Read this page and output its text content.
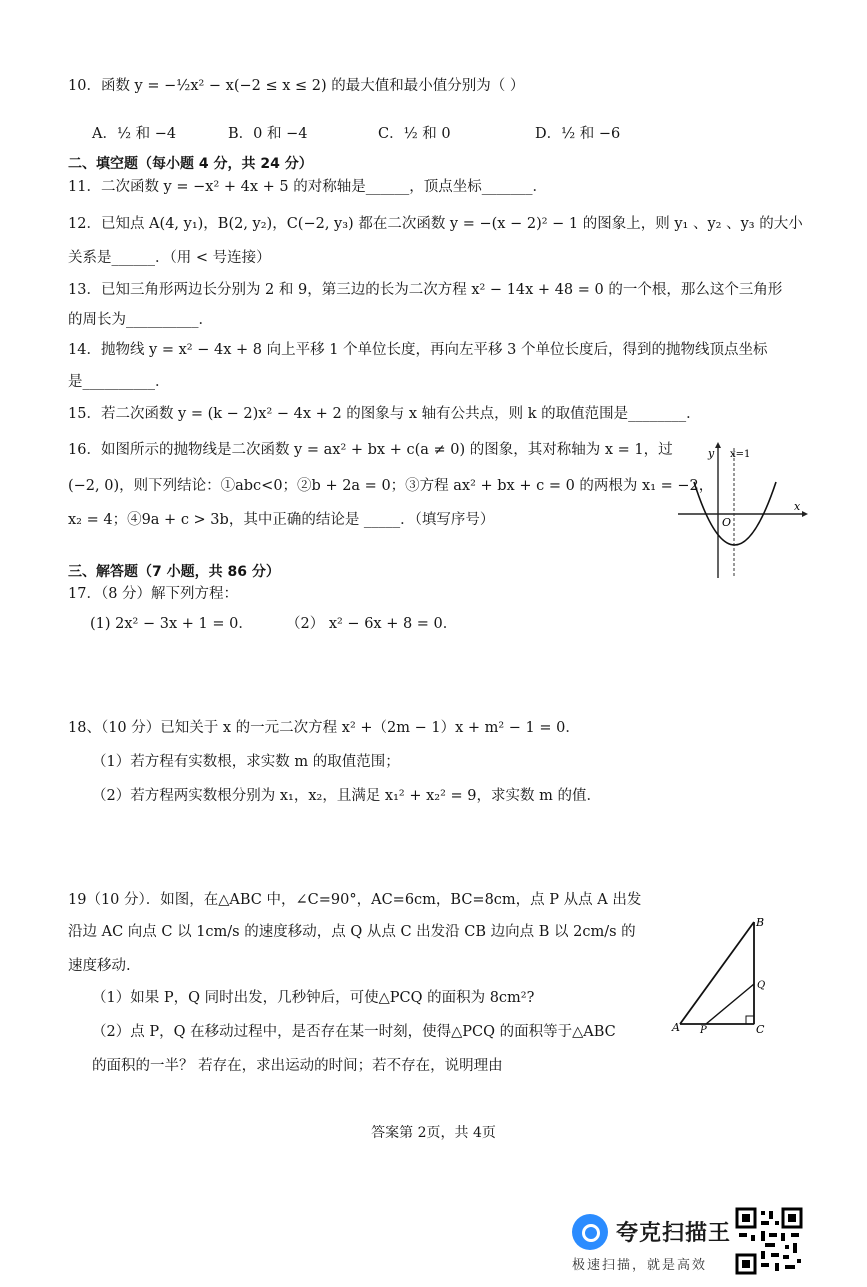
10．函数 y = −½x² − x(−2 ≤ x ≤ 2) 的最大值和最小值分别为（ ）
A．½ 和 −4	B．0 和 −4	C．½ 和 0	D．½ 和 −6
二、填空题（每小题 4 分，共 24 分）
11．二次函数 y = −x² + 4x + 5 的对称轴是______，顶点坐标_______．
12．已知点 A(4, y₁)，B(2, y₂)，C(−2, y₃) 都在二次函数 y = −(x − 2)² − 1 的图象上，则 y₁ 、y₂ 、y₃ 的大小
关系是______．（用 < 号连接）
13．已知三角形两边长分别为 2 和 9，第三边的长为二次方程 x² − 14x + 48 = 0 的一个根，那么这个三角形
的周长为__________．
14．抛物线 y = x² − 4x + 8 向上平移 1 个单位长度，再向左平移 3 个单位长度后，得到的抛物线顶点坐标
是__________．
15．若二次函数 y = (k − 2)x² − 4x + 2 的图象与 x 轴有公共点，则 k 的取值范围是________．
16．如图所示的抛物线是二次函数 y = ax² + bx + c(a ≠ 0) 的图象，其对称轴为 x = 1，过
(−2, 0)，则下列结论：①abc<0；②b + 2a = 0；③方程 ax² + bx + c = 0 的两根为 x₁ = −2，
x₂ = 4；④9a + c > 3b，其中正确的结论是 _____．（填写序号）
y x=1
O
x
三、解答题（7 小题，共 86 分）
17．（8 分）解下列方程：
(1) 2x² − 3x + 1 = 0． （2） x² − 6x + 8 = 0．
18、（10 分）已知关于 x 的一元二次方程 x² +（2m − 1）x + m² − 1 = 0．
（1）若方程有实数根，求实数 m 的取值范围；
（2）若方程两实数根分别为 x₁，x₂，且满足 x₁² + x₂² = 9，求实数 m 的值．
19（10 分）．如图，在△ABC 中，∠C=90°，AC=6cm，BC=8cm，点 P 从点 A 出发
沿边 AC 向点 C 以 1cm/s 的速度移动，点 Q 从点 C 出发沿 CB 边向点 B 以 2cm/s 的
速度移动.
（1）如果 P，Q 同时出发，几秒钟后，可使△PCQ 的面积为 8cm²?
（2）点 P，Q 在移动过程中，是否存在某一时刻，使得△PCQ 的面积等于△ABC
的面积的一半？ 若存在，求出运动的时间；若不存在，说明理由
A
B
C
P
Q
答案第 2页，共 4页
夸克扫描王
极速扫描，就是高效
